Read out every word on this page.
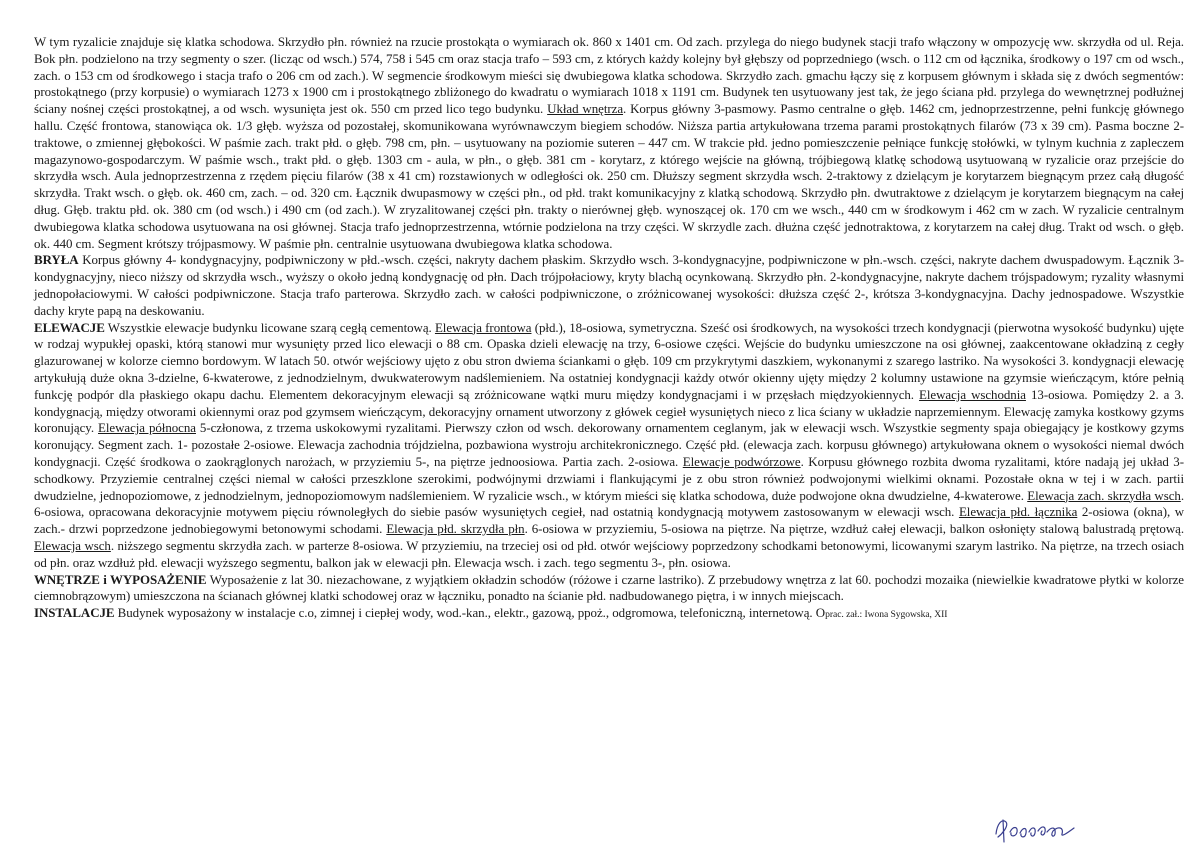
W tym ryzalicie znajduje się klatka schodowa. Skrzydło płn. również na rzucie prostokąta o wymiarach ok. 860 x 1401 cm. Od zach. przylega do niego budynek stacji trafo włączony w ompozycję ww. skrzydła od ul. Reja. Bok płn. podzielono na trzy segmenty o szer. (licząc od wsch.) 574, 758 i 545 cm oraz stacja trafo – 593 cm, z których każdy kolejny był głębszy od poprzedniego (wsch. o 112 cm od łącznika, środkowy o 197 cm od wsch., zach. o 153 cm od środkowego i stacja trafo o 206 cm od zach.). W segmencie środkowym mieści się dwubiegowa klatka schodowa. Skrzydło zach. gmachu łączy się z korpusem głównym i składa się z dwóch segmentów: prostokątnego (przy korpusie) o wymiarach 1273 x 1900 cm i prostokątnego zbliżonego do kwadratu o wymiarach 1018 x 1191 cm. Budynek ten usytuowany jest tak, że jego ściana płd. przylega do wewnętrznej podłużnej ściany nośnej części prostokątnej, a od wsch. wysunięta jest ok. 550 cm przed lico tego budynku. Układ wnętrza. Korpus główny 3-pasmowy. Pasmo centralne o głęb. 1462 cm, jednoprzestrzenne, pełni funkcję głównego hallu. Część frontowa, stanowiąca ok. 1/3 głęb. wyższa od pozostałej, skomunikowana wyrównawczym biegiem schodów. Niższa partia artykułowana trzema parami prostokątnych filarów (73 x 39 cm). Pasma boczne 2-traktowe, o zmiennej głębokości. W paśmie zach. trakt płd. o głęb. 798 cm, płn. – usytuowany na poziomie suteren – 447 cm. W trakcie płd. jedno pomieszczenie pełniące funkcję stołówki, w tylnym kuchnia z zapleczem magazynowo-gospodarczym. W paśmie wsch., trakt płd. o głęb. 1303 cm - aula, w płn., o głęb. 381 cm - korytarz, z którego wejście na główną, trójbiegową klatkę schodową usytuowaną w ryzalicie oraz przejście do skrzydła wsch. Aula jednoprzestrzenna z rzędem pięciu filarów (38 x 41 cm) rozstawionych w odległości ok. 250 cm. Dłuższy segment skrzydła wsch. 2-traktowy z dzielącym je korytarzem biegnącym przez całą długość skrzydła. Trakt wsch. o głęb. ok. 460 cm, zach. – od. 320 cm. Łącznik dwupasmowy w części płn., od płd. trakt komunikacyjny z klatką schodową. Skrzydło płn. dwutraktowe z dzielącym je korytarzem biegnącym na całej dług. Głęb. traktu płd. ok. 380 cm (od wsch.) i 490 cm (od zach.). W zryzalitowanej części płn. trakty o nierównej głęb. wynoszącej ok. 170 cm we wsch., 440 cm w środkowym i 462 cm w zach. W ryzalicie centralnym dwubiegowa klatka schodowa usytuowana na osi głównej. Stacja trafo jednoprzestrzenna, wtórnie podzielona na trzy części. W skrzydle zach. dłużna część jednotraktowa, z korytarzem na całej dług. Trakt od wsch. o głęb. ok. 440 cm. Segment krótszy trójpasmowy. W paśmie płn. centralnie usytuowana dwubiegowa klatka schodowa.

BRYŁA Korpus główny 4- kondygnacyjny, podpiwniczony w płd.-wsch. części, nakryty dachem płaskim. Skrzydło wsch. 3-kondygnacyjne, podpiwniczone w płn.-wsch. części, nakryte dachem dwuspadowym. Łącznik 3- kondygnacyjny, nieco niższy od skrzydła wsch., wyższy o około jedną kondygnację od płn. Dach trójpołaciowy, kryty blachą ocynkowaną. Skrzydło płn. 2-kondygnacyjne, nakryte dachem trójspadowym; ryzality własnymi jednopołaciowymi. W całości podpiwniczone. Stacja trafo parterowa. Skrzydło zach. w całości podpiwniczone, o zróżnicowanej wysokości: dłuższa część 2-, krótsza 3-kondygnacyjna. Dachy jednospadowe. Wszystkie dachy kryte papą na deskowaniu.

ELEWACJE Wszystkie elewacje budynku licowane szarą cegłą cementową. Elewacja frontowa (płd.), 18-osiowa, symetryczna. Sześć osi środkowych, na wysokości trzech kondygnacji (pierwotna wysokość budynku) ujęte w rodzaj wypukłej opaski, którą stanowi mur wysunięty przed lico elewacji o 88 cm. Opaska dzieli elewację na trzy, 6-osiowe części. Wejście do budynku umieszczone na osi głównej, zaakcentowane okładziną z cegły glazurowanej w kolorze ciemno bordowym. W latach 50. otwór wejściowy ujęto z obu stron dwiema ściankami o głęb. 109 cm przykrytymi daszkiem, wykonanymi z szarego lastriko. Na wysokości 3. kondygnacji elewację artykułują duże okna 3-dzielne, 6-kwaterowe, z jednodzielnym, dwukwaterowym nadślemieniem. Na ostatniej kondygnacji każdy otwór okienny ujęty między 2 kolumny ustawione na gzymsie wieńczącym, które pełnią funkcję podpór dla płaskiego okapu dachu. Elementem dekoracyjnym elewacji są zróżnicowane wątki muru między kondygnacjami i w przęsłach międzyokiennych. Elewacja wschodnia 13-osiowa. Pomiędzy 2. a 3. kondygnacją, między otworami okiennymi oraz pod gzymsem wieńczącym, dekoracyjny ornament utworzony z główek cegieł wysuniętych nieco z lica ściany w układzie naprzemiennym. Elewację zamyka kostkowy gzyms koronujący. Elewacja północna 5-członowa, z trzema uskokowymi ryzalitami. Pierwszy człon od wsch. dekorowany ornamentem ceglanym, jak w elewacji wsch. Wszystkie segmenty spaja obiegający je kostkowy gzyms koronujący. Segment zach. 1- pozostałe 2-osiowe. Elewacja zachodnia trójdzielna, pozbawiona wystroju architekronicznego. Część płd. (elewacja zach. korpusu głównego) artykułowana oknem o wysokości niemal dwóch kondygnacji. Część środkowa o zaokrąglonych narożach, w przyziemiu 5-, na piętrze jednoosiowa. Partia zach. 2-osiowa. Elewacje podwórzowe. Korpusu głównego rozbita dwoma ryzalitami, które nadają jej układ 3-schodkowy. Przyziemie centralnej części niemal w całości przeszklone szerokimi, podwójnymi drzwiami i flankującymi je z obu stron również podwojonymi wielkimi oknami. Pozostałe okna w tej i w zach. partii dwudzielne, jednopoziomowe, z jednodzielnym, jednopoziomowym nadślemieniem. W ryzalicie wsch., w którym mieści się klatka schodowa, duże podwojone okna dwudzielne, 4-kwaterowe. Elewacja zach. skrzydła wsch. 6-osiowa, opracowana dekoracyjnie motywem pięciu równoległych do siebie pasów wysuniętych cegieł, nad ostatnią kondygnacją motywem zastosowanym w elewacji wsch. Elewacja płd. łącznika 2-osiowa (okna), w zach.- drzwi poprzedzone jednobiegowymi betonowymi schodami. Elewacja płd. skrzydła płn. 6-osiowa w przyziemiu, 5-osiowa na piętrze. Na piętrze, wzdłuż całej elewacji, balkon osłonięty stalową balustradą prętową. Elewacja wsch. niższego segmentu skrzydła zach. w parterze 8-osiowa. W przyziemiu, na trzeciej osi od płd. otwór wejściowy poprzedzony schodkami betonowymi, licowanymi szarym lastriko. Na piętrze, na trzech osiach od płn. oraz wzdłuż płd. elewacji wyższego segmentu, balkon jak w elewacji płn. Elewacja wsch. i zach. tego segmentu 3-, płn. osiowa.

WNĘTRZE i WYPOSAŻENIE Wyposażenie z lat 30. niezachowane, z wyjątkiem okładzin schodów (różowe i czarne lastriko). Z przebudowy wnętrza z lat 60. pochodzi mozaika (niewielkie kwadratowe płytki w kolorze ciemnobrązowym) umieszczona na ścianach głównej klatki schodowej oraz w łączniku, ponadto na ścianie płd. nadbudowanego piętra, i w innych miejscach.

INSTALACJE Budynek wyposażony w instalacje c.o, zimnej i ciepłej wody, wod.-kan., elektr., gazową, ppoż., odgromowa, telefoniczną, internetową. Oprac. zał.: Iwona Sygowska, XII
